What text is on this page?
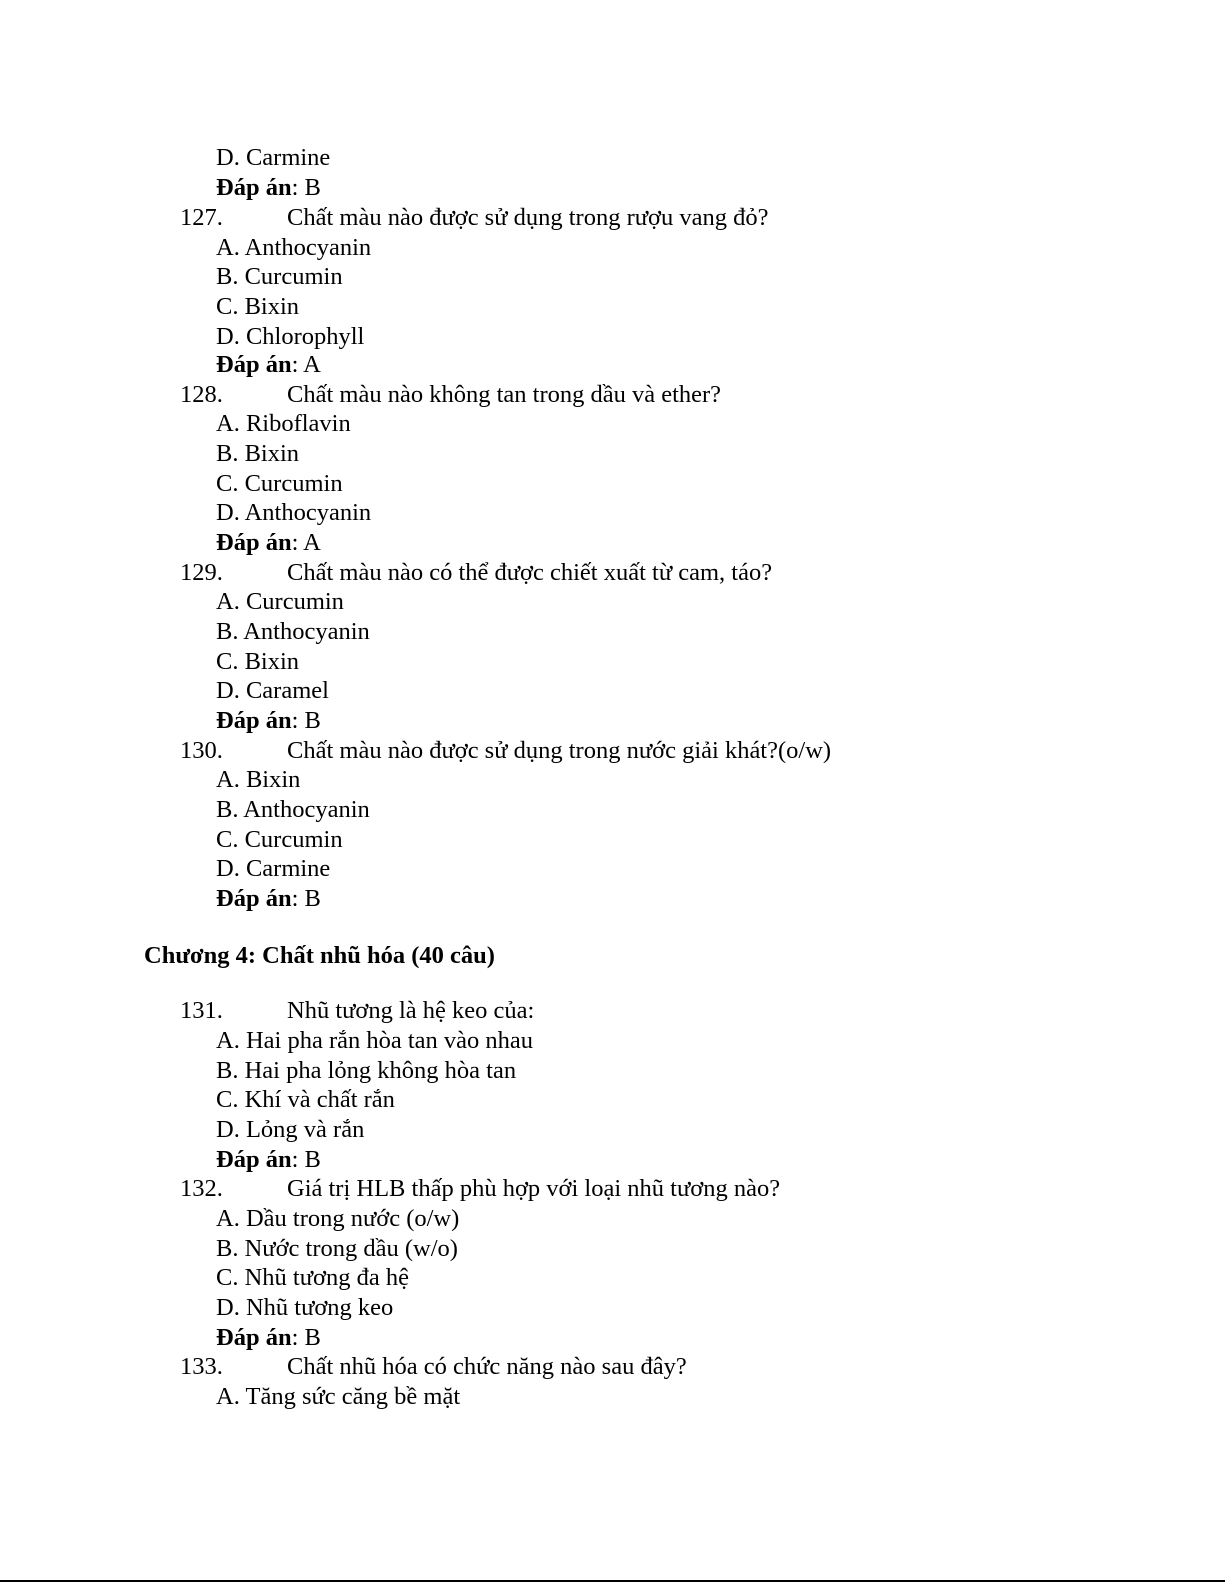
D. Carmine
Đáp án: B
127.	Chất màu nào được sử dụng trong rượu vang đỏ?
A. Anthocyanin
B. Curcumin
C. Bixin
D. Chlorophyll
Đáp án: A
128.	Chất màu nào không tan trong dầu và ether?
A. Riboflavin
B. Bixin
C. Curcumin
D. Anthocyanin
Đáp án: A
129.	Chất màu nào có thể được chiết xuất từ cam, táo?
A. Curcumin
B. Anthocyanin
C. Bixin
D. Caramel
Đáp án: B
130.	Chất màu nào được sử dụng trong nước giải khát?(o/w)
A. Bixin
B. Anthocyanin
C. Curcumin
D. Carmine
Đáp án: B
Chương 4: Chất nhũ hóa (40 câu)
131.	Nhũ tương là hệ keo của:
A. Hai pha rắn hòa tan vào nhau
B. Hai pha lỏng không hòa tan
C. Khí và chất rắn
D. Lỏng và rắn
Đáp án: B
132.	Giá trị HLB thấp phù hợp với loại nhũ tương nào?
A. Dầu trong nước (o/w)
B. Nước trong dầu (w/o)
C. Nhũ tương đa hệ
D. Nhũ tương keo
Đáp án: B
133.	Chất nhũ hóa có chức năng nào sau đây?
A. Tăng sức căng bề mặt
